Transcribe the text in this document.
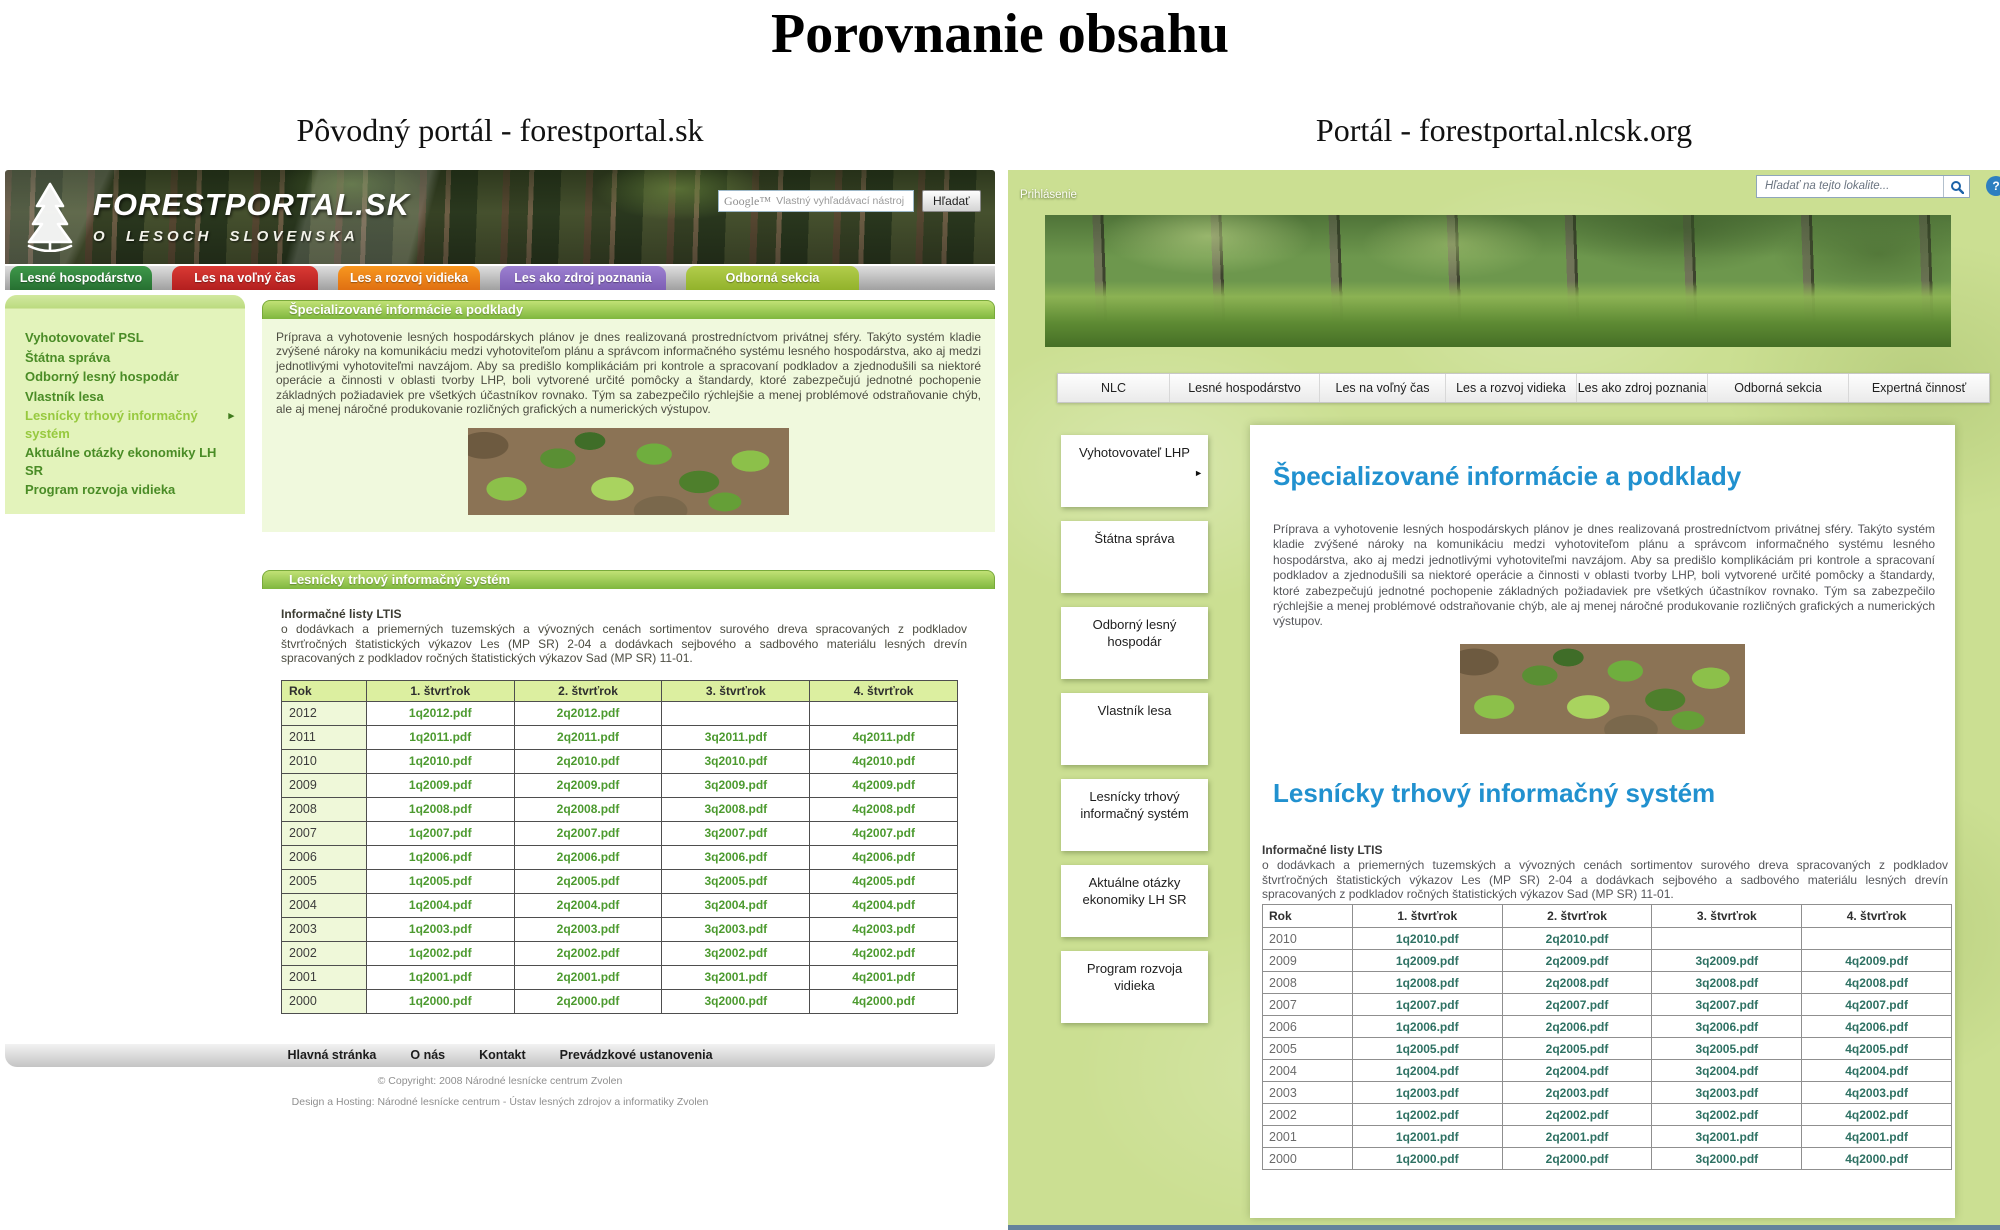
Porovnanie obsahu
Pôvodný portál - forestportal.sk	Portál - forestportal.nlcsk.org
FORESTPORTAL.SK
O LESOCH SLOVENSKA
Google™ Vlastný vyhľadávací nástroj	Hľadať
Lesné hospodárstvo	Les na voľný čas	Les a rozvoj vidieka	Les ako zdroj poznania	Odborná sekcia
Vyhotovovateľ PSL
Štátna správa
Odborný lesný hospodár
Vlastník lesa
Lesnícky trhový informačný systém
▸
Aktuálne otázky ekonomiky LH SR
Program rozvoja vidieka
Špecializované informácie a podklady

Príprava a vyhotovenie lesných hospodárskych plánov je dnes realizovaná prostredníctvom privátnej sféry. Takýto systém kladie zvýšené nároky na komunikáciu medzi vyhotoviteľom plánu a správcom informačného systému lesného hospodárstva, ako aj medzi jednotlivými vyhotoviteľmi navzájom. Aby sa predišlo komplikáciám pri kontrole a spracovaní podkladov a zjednodušili sa niektoré operácie a činnosti v oblasti tvorby LHP, boli vytvorené určité pomôcky a štandardy, ktoré zabezpečujú jednotné pochopenie základných požiadaviek pre všetkých účastníkov rovnako. Tým sa zabezpečilo rýchlejšie a menej problémové odstraňovanie chýb, ale aj menej náročné produkovanie rozličných grafických a numerických výstupov.

Lesnícky trhový informačný systém
Informačné listy LTIS

o dodávkach a priemerných tuzemských a vývozných cenách sortimentov surového dreva spracovaných z podkladov štvrťročných štatistických výkazov Les (MP SR) 2-04 a dodávkach sejbového a sadbového materiálu lesných drevín spracovaných z podkladov ročných štatistických výkazov Sad (MP SR) 11-01.

Rok	1. štvrťrok	2. štvrťrok	3. štvrťrok	4. štvrťrok
2012	1q2012.pdf	2q2012.pdf		
2011	1q2011.pdf	2q2011.pdf	3q2011.pdf	4q2011.pdf
2010	1q2010.pdf	2q2010.pdf	3q2010.pdf	4q2010.pdf
2009	1q2009.pdf	2q2009.pdf	3q2009.pdf	4q2009.pdf
2008	1q2008.pdf	2q2008.pdf	3q2008.pdf	4q2008.pdf
2007	1q2007.pdf	2q2007.pdf	3q2007.pdf	4q2007.pdf
2006	1q2006.pdf	2q2006.pdf	3q2006.pdf	4q2006.pdf
2005	1q2005.pdf	2q2005.pdf	3q2005.pdf	4q2005.pdf
2004	1q2004.pdf	2q2004.pdf	3q2004.pdf	4q2004.pdf
2003	1q2003.pdf	2q2003.pdf	3q2003.pdf	4q2003.pdf
2002	1q2002.pdf	2q2002.pdf	3q2002.pdf	4q2002.pdf
2001	1q2001.pdf	2q2001.pdf	3q2001.pdf	4q2001.pdf
2000	1q2000.pdf	2q2000.pdf	3q2000.pdf	4q2000.pdf
Hlavná stránka	O nás	Kontakt	Prevádzkové ustanovenia
© Copyright: 2008 Národné lesnícke centrum Zvolen
Design a Hosting: Národné lesnícke centrum - Ústav lesných zdrojov a informatiky Zvolen
Prihlásenie
Hľadať na tejto lokalite...	?
NLC	Lesné hospodárstvo	Les na voľný čas	Les a rozvoj vidieka Les ako zdroj poznania	Odborná sekcia	Expertná činnosť
Vyhotovovateľ LHP
►
Štátna správa
Odborný lesný hospodár
Vlastník lesa
Lesnícky trhový informačný systém
Aktuálne otázky ekonomiky LH SR
Program rozvoja vidieka
Špecializované informácie a podklady

Príprava a vyhotovenie lesných hospodárskych plánov je dnes realizovaná prostredníctvom privátnej sféry. Takýto systém kladie zvýšené nároky na komunikáciu medzi vyhotoviteľom plánu a správcom informačného systému lesného hospodárstva, ako aj medzi jednotlivými vyhotoviteľmi navzájom. Aby sa predišlo komplikáciám pri kontrole a spracovaní podkladov a zjednodušili sa niektoré operácie a činnosti v oblasti tvorby LHP, boli vytvorené určité pomôcky a štandardy, ktoré zabezpečujú jednotné pochopenie základných požiadaviek pre všetkých účastníkov rovnako. Tým sa zabezpečilo rýchlejšie a menej problémové odstraňovanie chýb, ale aj menej náročné produkovanie rozličných grafických a numerických výstupov.

Lesnícky trhový informačný systém
Informačné listy LTIS

o dodávkach a priemerných tuzemských a vývozných cenách sortimentov surového dreva spracovaných z podkladov štvrťročných štatistických výkazov Les (MP SR) 2-04 a dodávkach sejbového a sadbového materiálu lesných drevín spracovaných z podkladov ročných štatistických výkazov Sad (MP SR) 11-01.

Rok	1. štvrťrok	2. štvrťrok	3. štvrťrok	4. štvrťrok
2010	1q2010.pdf	2q2010.pdf		
2009	1q2009.pdf	2q2009.pdf	3q2009.pdf	4q2009.pdf
2008	1q2008.pdf	2q2008.pdf	3q2008.pdf	4q2008.pdf
2007	1q2007.pdf	2q2007.pdf	3q2007.pdf	4q2007.pdf
2006	1q2006.pdf	2q2006.pdf	3q2006.pdf	4q2006.pdf
2005	1q2005.pdf	2q2005.pdf	3q2005.pdf	4q2005.pdf
2004	1q2004.pdf	2q2004.pdf	3q2004.pdf	4q2004.pdf
2003	1q2003.pdf	2q2003.pdf	3q2003.pdf	4q2003.pdf
2002	1q2002.pdf	2q2002.pdf	3q2002.pdf	4q2002.pdf
2001	1q2001.pdf	2q2001.pdf	3q2001.pdf	4q2001.pdf
2000	1q2000.pdf	2q2000.pdf	3q2000.pdf	4q2000.pdf
